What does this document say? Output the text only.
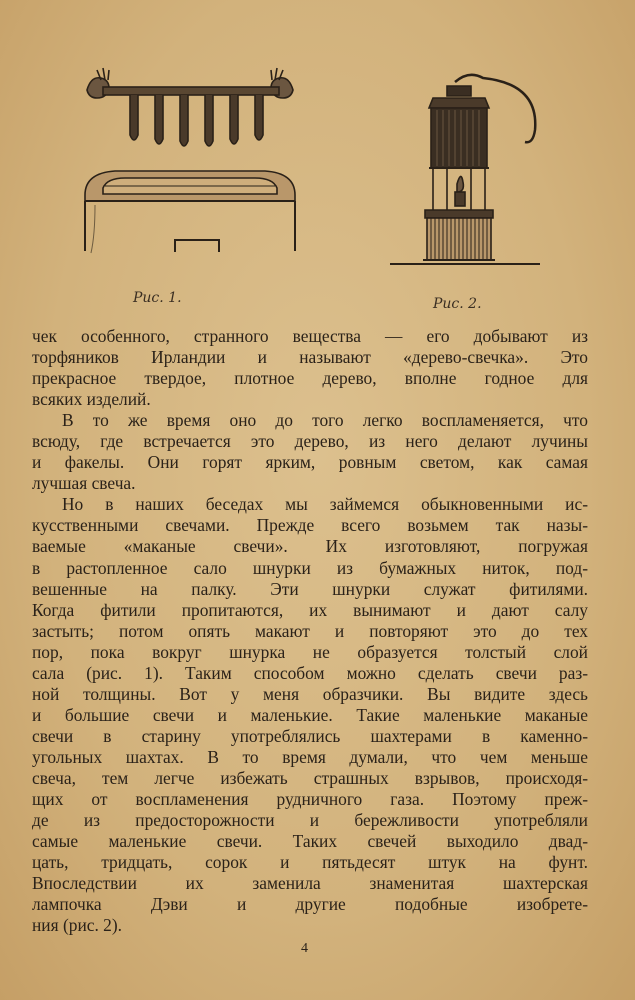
Рис. 1.	Рис. 2.
чек особенного, странного вещества — его добывают из
торфяников Ирландии и называют «дерево-свечка». Это
прекрасное твердое, плотное дерево, вполне годное для
всяких изделий.
В то же время оно до того легко воспламеняется, что
всюду, где встречается это дерево, из него делают лучины
и факелы. Они горят ярким, ровным светом, как самая
лучшая свеча.
Но в наших беседах мы займемся обыкновенными ис-
кусственными свечами. Прежде всего возьмем так назы-
ваемые «маканые свечи». Их изготовляют, погружая
в растопленное сало шнурки из бумажных ниток, под-
вешенные на палку. Эти шнурки служат фитилями.
Когда фитили пропитаются, их вынимают и дают салу
застыть; потом опять макают и повторяют это до тех
пор, пока вокруг шнурка не образуется толстый слой
сала (рис. 1). Таким способом можно сделать свечи раз-
ной толщины. Вот у меня образчики. Вы видите здесь
и большие свечи и маленькие. Такие маленькие маканые
свечи в старину употреблялись шахтерами в каменно-
угольных шахтах. В то время думали, что чем меньше
свеча, тем легче избежать страшных взрывов, происходя-
щих от воспламенения рудничного газа. Поэтому преж-
де из предосторожности и бережливости употребляли
самые маленькие свечи. Таких свечей выходило двад-
цать, тридцать, сорок и пятьдесят штук на фунт.
Впоследствии их заменила знаменитая шахтерская
лампочка Дэви и другие подобные изобрете-
ния (рис. 2).
4
